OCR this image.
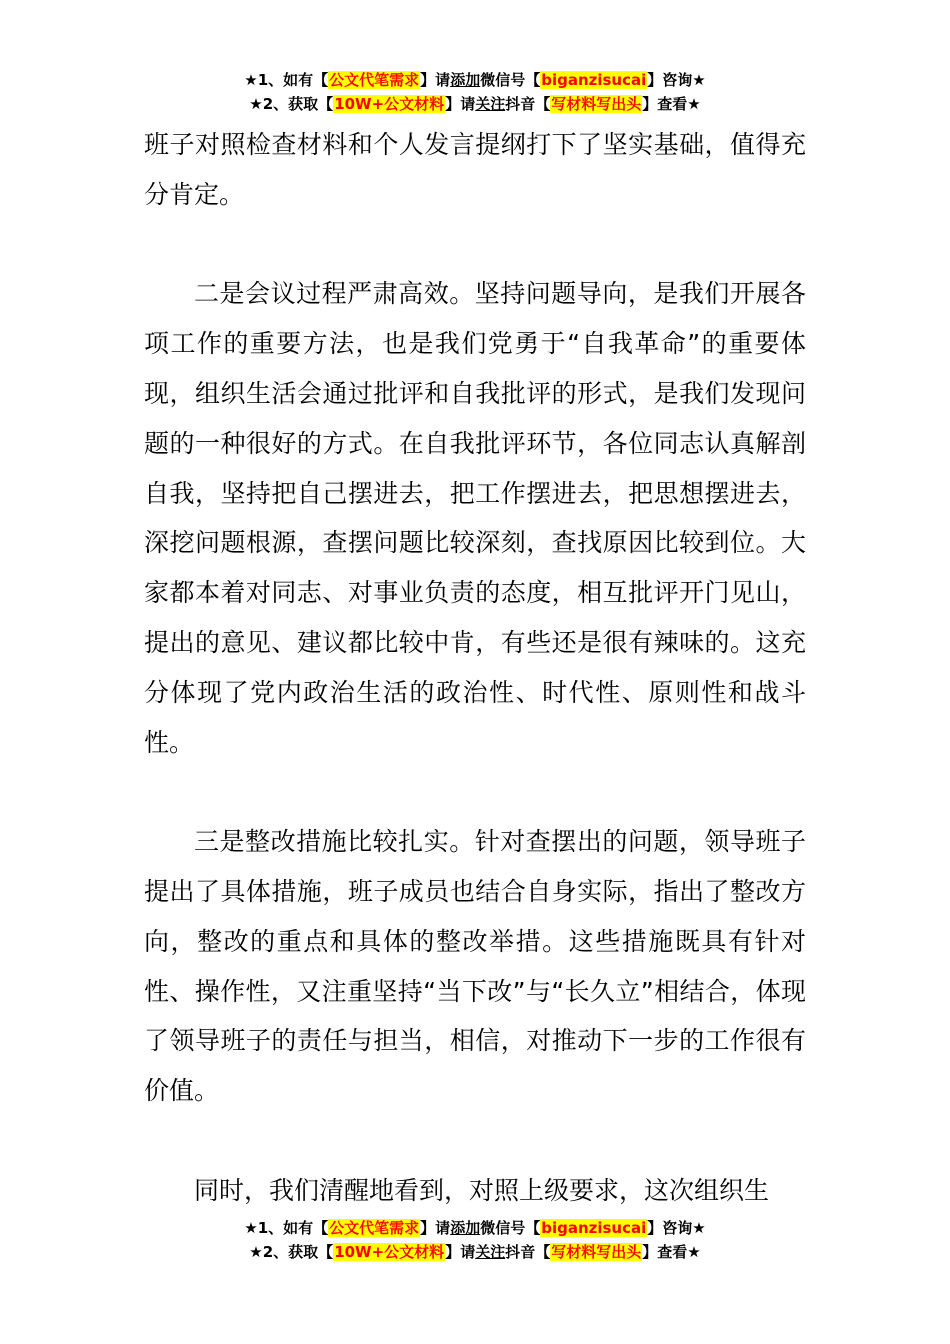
★1、如有【公文代笔需求】请添加微信号【biganzisucai】咨询★
★2、获取【10W+公文材料】请关注抖音【写材料写出头】查看★

班子对照检查材料和个人发言提纲打下了坚实基础，值得充分肯定。

二是会议过程严肃高效。坚持问题导向，是我们开展各项工作的重要方法，也是我们党勇于“自我革命”的重要体现，组织生活会通过批评和自我批评的形式，是我们发现问题的一种很好的方式。在自我批评环节，各位同志认真解剖自我，坚持把自己摆进去，把工作摆进去，把思想摆进去，深挖问题根源，查摆问题比较深刻，查找原因比较到位。大家都本着对同志、对事业负责的态度，相互批评开门见山，提出的意见、建议都比较中肯，有些还是很有辣味的。这充分体现了党内政治生活的政治性、时代性、原则性和战斗性。

三是整改措施比较扎实。针对查摆出的问题，领导班子提出了具体措施，班子成员也结合自身实际，指出了整改方向，整改的重点和具体的整改举措。这些措施既具有针对性、操作性，又注重坚持“当下改”与“长久立”相结合，体现了领导班子的责任与担当，相信，对推动下一步的工作很有价值。

同时，我们清醒地看到，对照上级要求，这次组织生

★1、如有【公文代笔需求】请添加微信号【biganzisucai】咨询★
★2、获取【10W+公文材料】请关注抖音【写材料写出头】查看★
